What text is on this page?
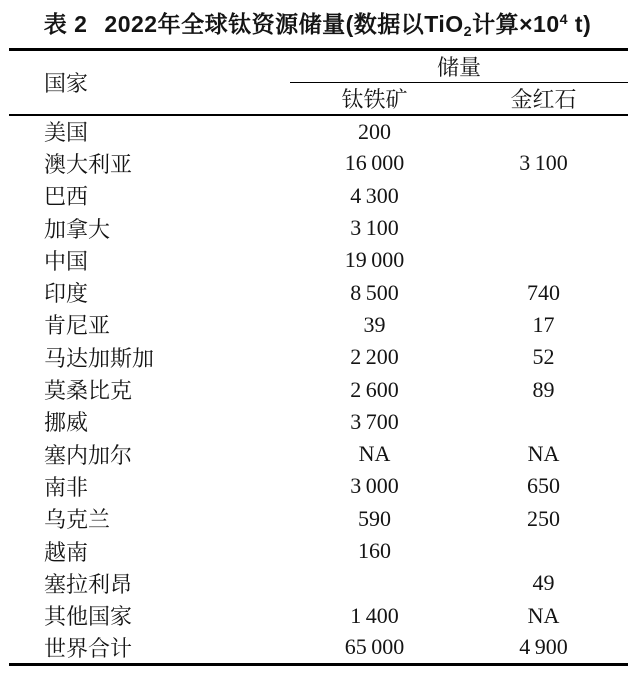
表 2 2022年全球钛资源储量(数据以TiO$_2$计算$\times 10^4$ t)
国家	储量	
	钛铁矿	金红石
美国	200	
澳大利亚	16 000	3 100
巴西	4 300	
加拿大	3 100	
中国	19 000	
印度	8 500	740
肯尼亚	39	17
马达加斯加	2 200	52
莫桑比克	2 600	89
挪威	3 700	
塞内加尔	NA	NA
南非	3 000	650
乌克兰	590	250
越南	160	
塞拉利昂		49
其他国家	1 400	NA
世界合计	65 000	4 900
